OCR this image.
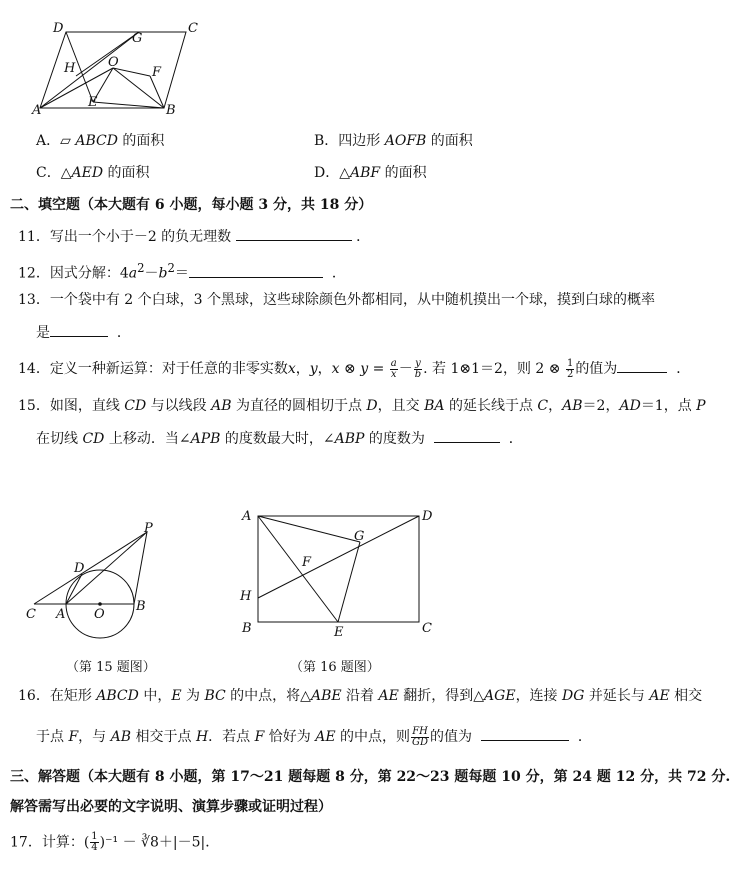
D	C
G
H	O
F
A
E
B
A．▱ ABCD 的面积	B．四边形 AOFB 的面积
C．△AED 的面积	D．△ABF 的面积
二、填空题（本大题有 6 小题，每小题 3 分，共 18 分）
11．写出一个小于－2 的负无理数	．
12．因式分解：$4a^2-b^2=$	．
13．一个袋中有 2 个白球，3 个黑球，这些球除颜色外都相同，从中随机摸出一个球，摸到白球的概率
是	．
14．定义一种新运算：对于任意的非零实数x，y，x ⊗ $y = \frac{a}{x} - \frac{y}{b}$ . 若 1⊗1＝2，则 2 ⊗ $\frac{1}{2}$ 的值为	．
15．如图，直线 CD 与以线段 AB 为直径的圆相切于点 D，且交 BA 的延长线于点 C，AB＝2，AD＝1，点 P
在切线 CD 上移动．当∠APB 的度数最大时，∠ABP 的度数为	．
P
D
C A O
B
A	D
G
F
H
B	E	C
（第 15 题图）	（第 16 题图）
16．在矩形 ABCD 中，E 为 BC 的中点，将△ABE 沿着 AE 翻折，得到△AGE，连接 DG 并延长与 AE 相交
于点 F，与 AB 相交于点 H．若点 F 恰好为 AE 的中点，则 $\frac{FH}{GD}$ 的值为	．
三、解答题（本大题有 8 小题，第 17～21 题每题 8 分，第 22～23 题每题 10 分，第 24 题 12 分，共 72 分.
解答需写出必要的文字说明、演算步骤或证明过程）
17．计算：( $\frac{1}{4} )^{-1}$ － ∛8＋|－5|．
